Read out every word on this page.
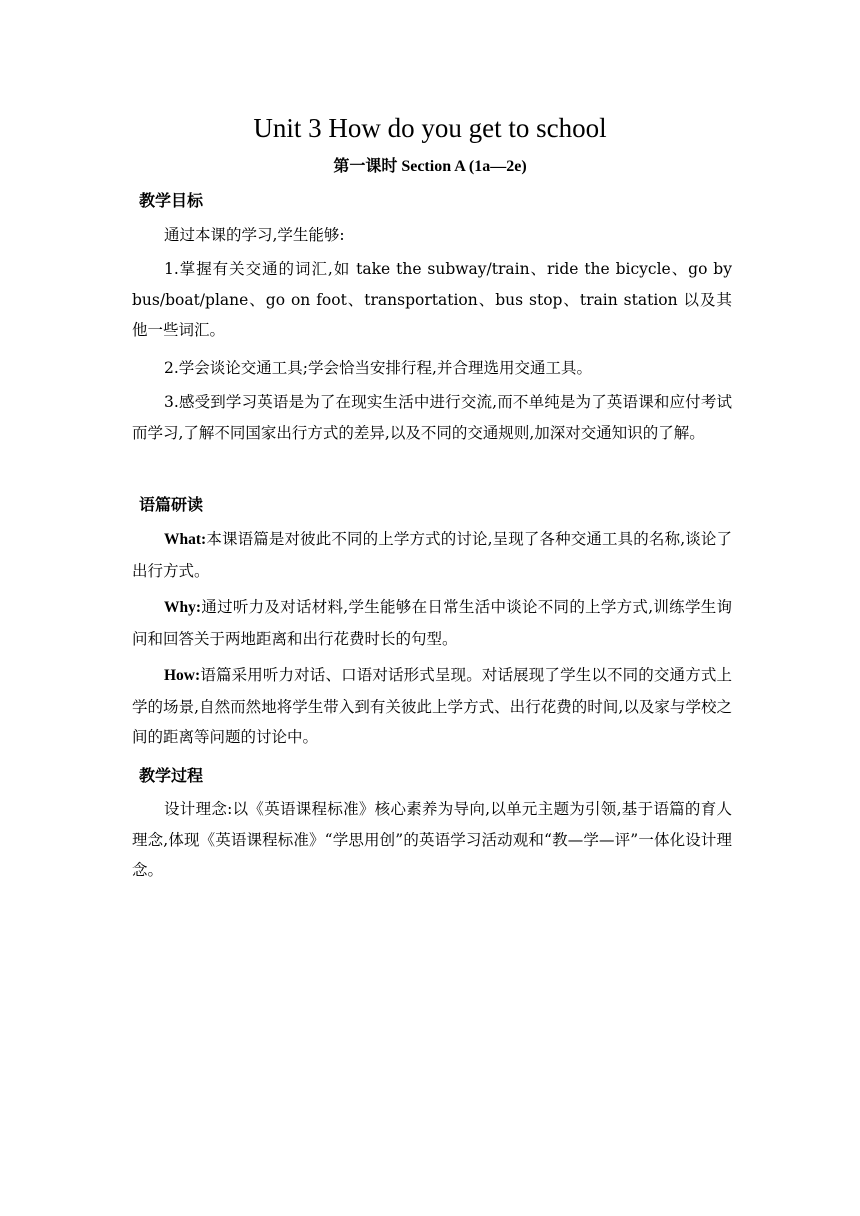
Unit 3 How do you get to school
第一课时 Section A (1a—2e)
教学目标

通过本课的学习,学生能够:

1.掌握有关交通的词汇,如 take the subway/train、ride the bicycle、go by bus/boat/plane、go on foot、transportation、bus stop、train station 以及其他一些词汇。

2.学会谈论交通工具;学会恰当安排行程,并合理选用交通工具。

3.感受到学习英语是为了在现实生活中进行交流,而不单纯是为了英语课和应付考试而学习,了解不同国家出行方式的差异,以及不同的交通规则,加深对交通知识的了解。

语篇研读

What:本课语篇是对彼此不同的上学方式的讨论,呈现了各种交通工具的名称,谈论了出行方式。

Why:通过听力及对话材料,学生能够在日常生活中谈论不同的上学方式,训练学生询问和回答关于两地距离和出行花费时长的句型。

How:语篇采用听力对话、口语对话形式呈现。对话展现了学生以不同的交通方式上学的场景,自然而然地将学生带入到有关彼此上学方式、出行花费的时间,以及家与学校之间的距离等问题的讨论中。

教学过程

设计理念:以《英语课程标准》核心素养为导向,以单元主题为引领,基于语篇的育人理念,体现《英语课程标准》“学思用创”的英语学习活动观和“教—学—评”一体化设计理念。
